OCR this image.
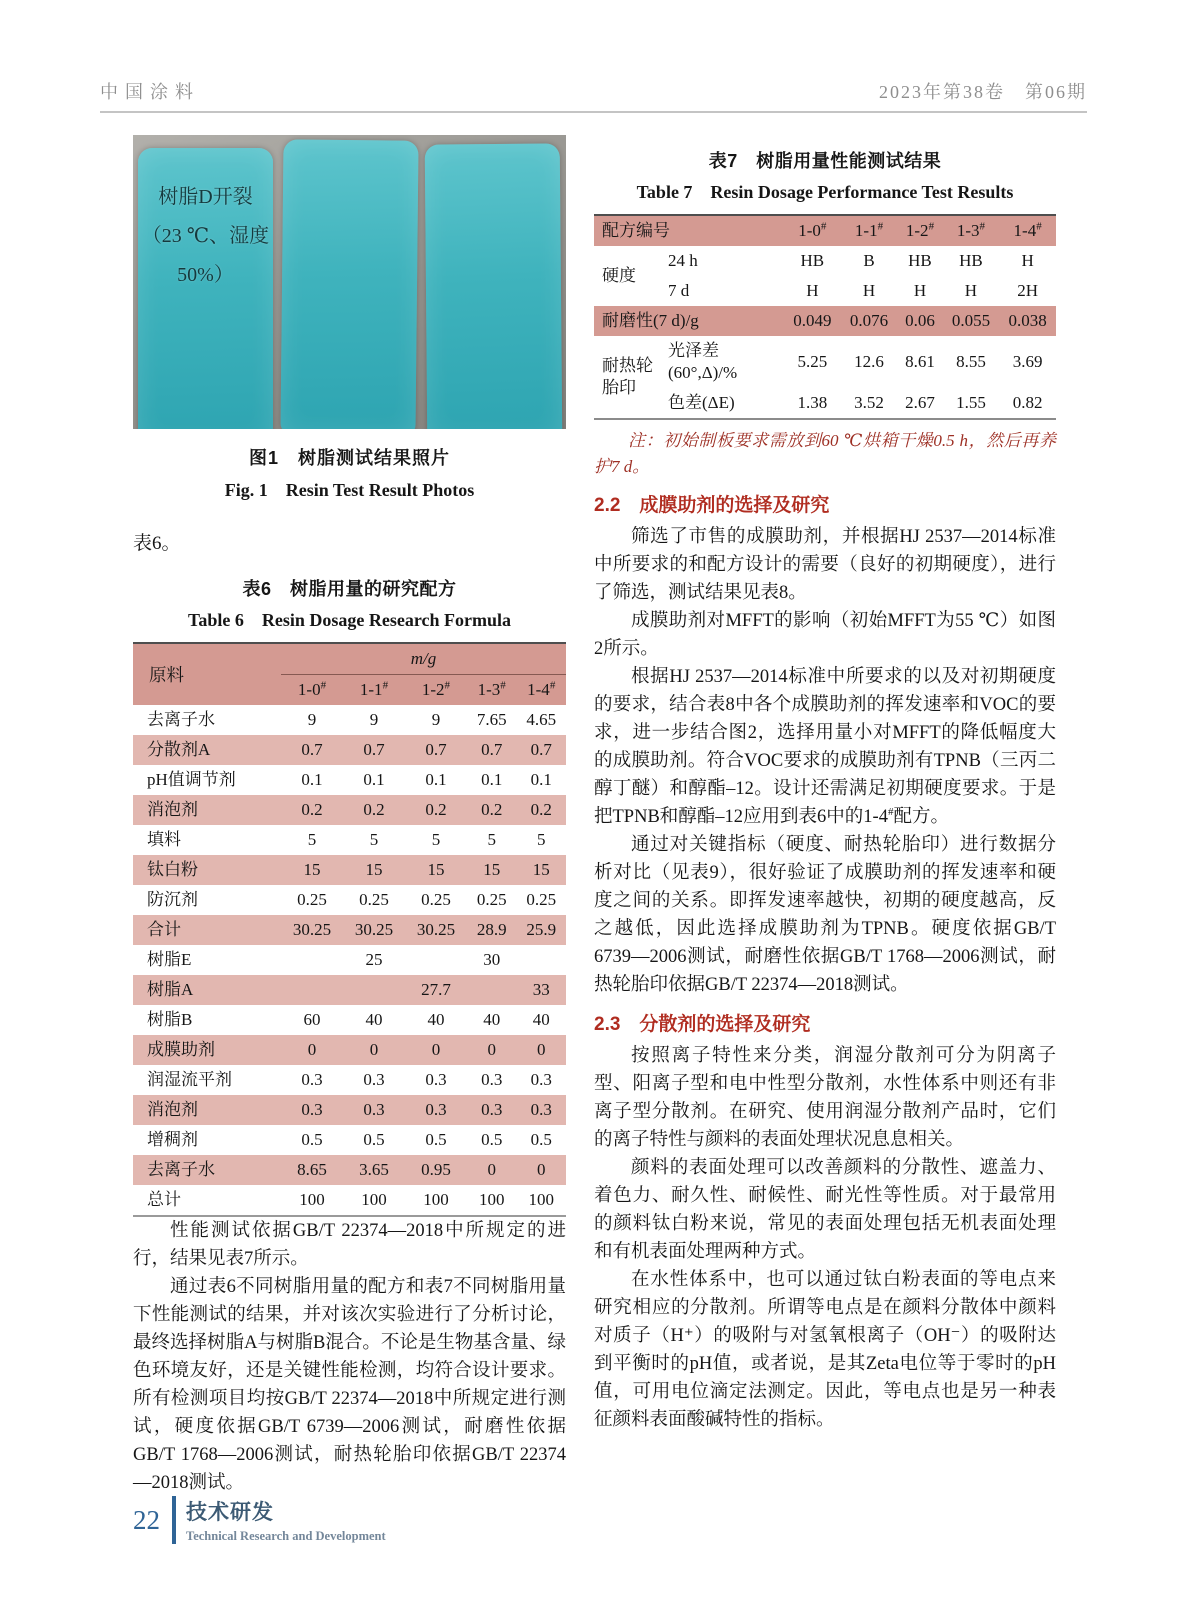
中国涂料	2023年第38卷　第06期
树脂D开裂
（23 ℃、湿度
50%）
图1　树脂测试结果照片
Fig. 1　Resin Test Result Photos

表6。

表6　树脂用量的研究配方
Table 6　Resin Dosage Research Formula
原料	m/g				
	1-0#	1-1#	1-2#	1-3#	1-4#
去离子水	9	9	9	7.65	4.65
分散剂A	0.7	0.7	0.7	0.7	0.7
pH值调节剂	0.1	0.1	0.1	0.1	0.1
消泡剂	0.2	0.2	0.2	0.2	0.2
填料	5	5	5	5	5
钛白粉	15	15	15	15	15
防沉剂	0.25	0.25	0.25	0.25	0.25
合计	30.25	30.25	30.25	28.9	25.9
树脂E		25		30	
树脂A			27.7		33
树脂B	60	40	40	40	40
成膜助剂	0	0	0	0	0
润湿流平剂	0.3	0.3	0.3	0.3	0.3
消泡剂	0.3	0.3	0.3	0.3	0.3
增稠剂	0.5	0.5	0.5	0.5	0.5
去离子水	8.65	3.65	0.95	0	0
总计	100	100	100	100	100

性能测试依据GB/T 22374—2018中所规定的进行，结果见表7所示。

通过表6不同树脂用量的配方和表7不同树脂用量下性能测试的结果，并对该次实验进行了分析讨论，最终选择树脂A与树脂B混合。不论是生物基含量、绿色环境友好，还是关键性能检测，均符合设计要求。所有检测项目均按GB/T 22374—2018中所规定进行测试，硬度依据GB/T 6739—2006测试，耐磨性依据GB/T 1768—2006测试，耐热轮胎印依据GB/T 22374—2018测试。

表7　树脂用量性能测试结果
Table 7　Resin Dosage Performance Test Results
配方编号		1-0#	1-1#	1-2#	1-3#	1-4#
硬度	24 h	HB	B	HB	HB	H
	7 d	H	H	H	H	2H
耐磨性(7 d)/g		0.049	0.076	0.06	0.055	0.038
耐热轮胎印	光泽差 (60°,Δ)/%	5.25	12.6	8.61	8.55	3.69
	色差(ΔE)	1.38	3.52	2.67	1.55	0.82

注：初始制板要求需放到60 ℃烘箱干燥0.5 h，然后再养护7 d。

2.2　成膜助剂的选择及研究

筛选了市售的成膜助剂，并根据HJ 2537—2014标准中所要求的和配方设计的需要（良好的初期硬度），进行了筛选，测试结果见表8。

成膜助剂对MFFT的影响（初始MFFT为55 ℃）如图2所示。

根据HJ 2537—2014标准中所要求的以及对初期硬度的要求，结合表8中各个成膜助剂的挥发速率和VOC的要求，进一步结合图2，选择用量小对MFFT的降低幅度大的成膜助剂。符合VOC要求的成膜助剂有TPNB（三丙二醇丁醚）和醇酯–12。设计还需满足初期硬度要求。于是把TPNB和醇酯–12应用到表6中的1-4#配方。

通过对关键指标（硬度、耐热轮胎印）进行数据分析对比（见表9），很好验证了成膜助剂的挥发速率和硬度之间的关系。即挥发速率越快，初期的硬度越高，反之越低，因此选择成膜助剂为TPNB。硬度依据GB/T 6739—2006测试，耐磨性依据GB/T 1768—2006测试，耐热轮胎印依据GB/T 22374—2018测试。

2.3　分散剂的选择及研究

按照离子特性来分类，润湿分散剂可分为阴离子型、阳离子型和电中性型分散剂，水性体系中则还有非离子型分散剂。在研究、使用润湿分散剂产品时，它们的离子特性与颜料的表面处理状况息息相关。

颜料的表面处理可以改善颜料的分散性、遮盖力、着色力、耐久性、耐候性、耐光性等性质。对于最常用的颜料钛白粉来说，常见的表面处理包括无机表面处理和有机表面处理两种方式。

在水性体系中，也可以通过钛白粉表面的等电点来研究相应的分散剂。所谓等电点是在颜料分散体中颜料对质子（H⁺）的吸附与对氢氧根离子（OH⁻）的吸附达到平衡时的pH值，或者说，是其Zeta电位等于零时的pH值，可用电位滴定法测定。因此，等电点也是另一种表征颜料表面酸碱特性的指标。

22 技术研发
Technical Research and Development
